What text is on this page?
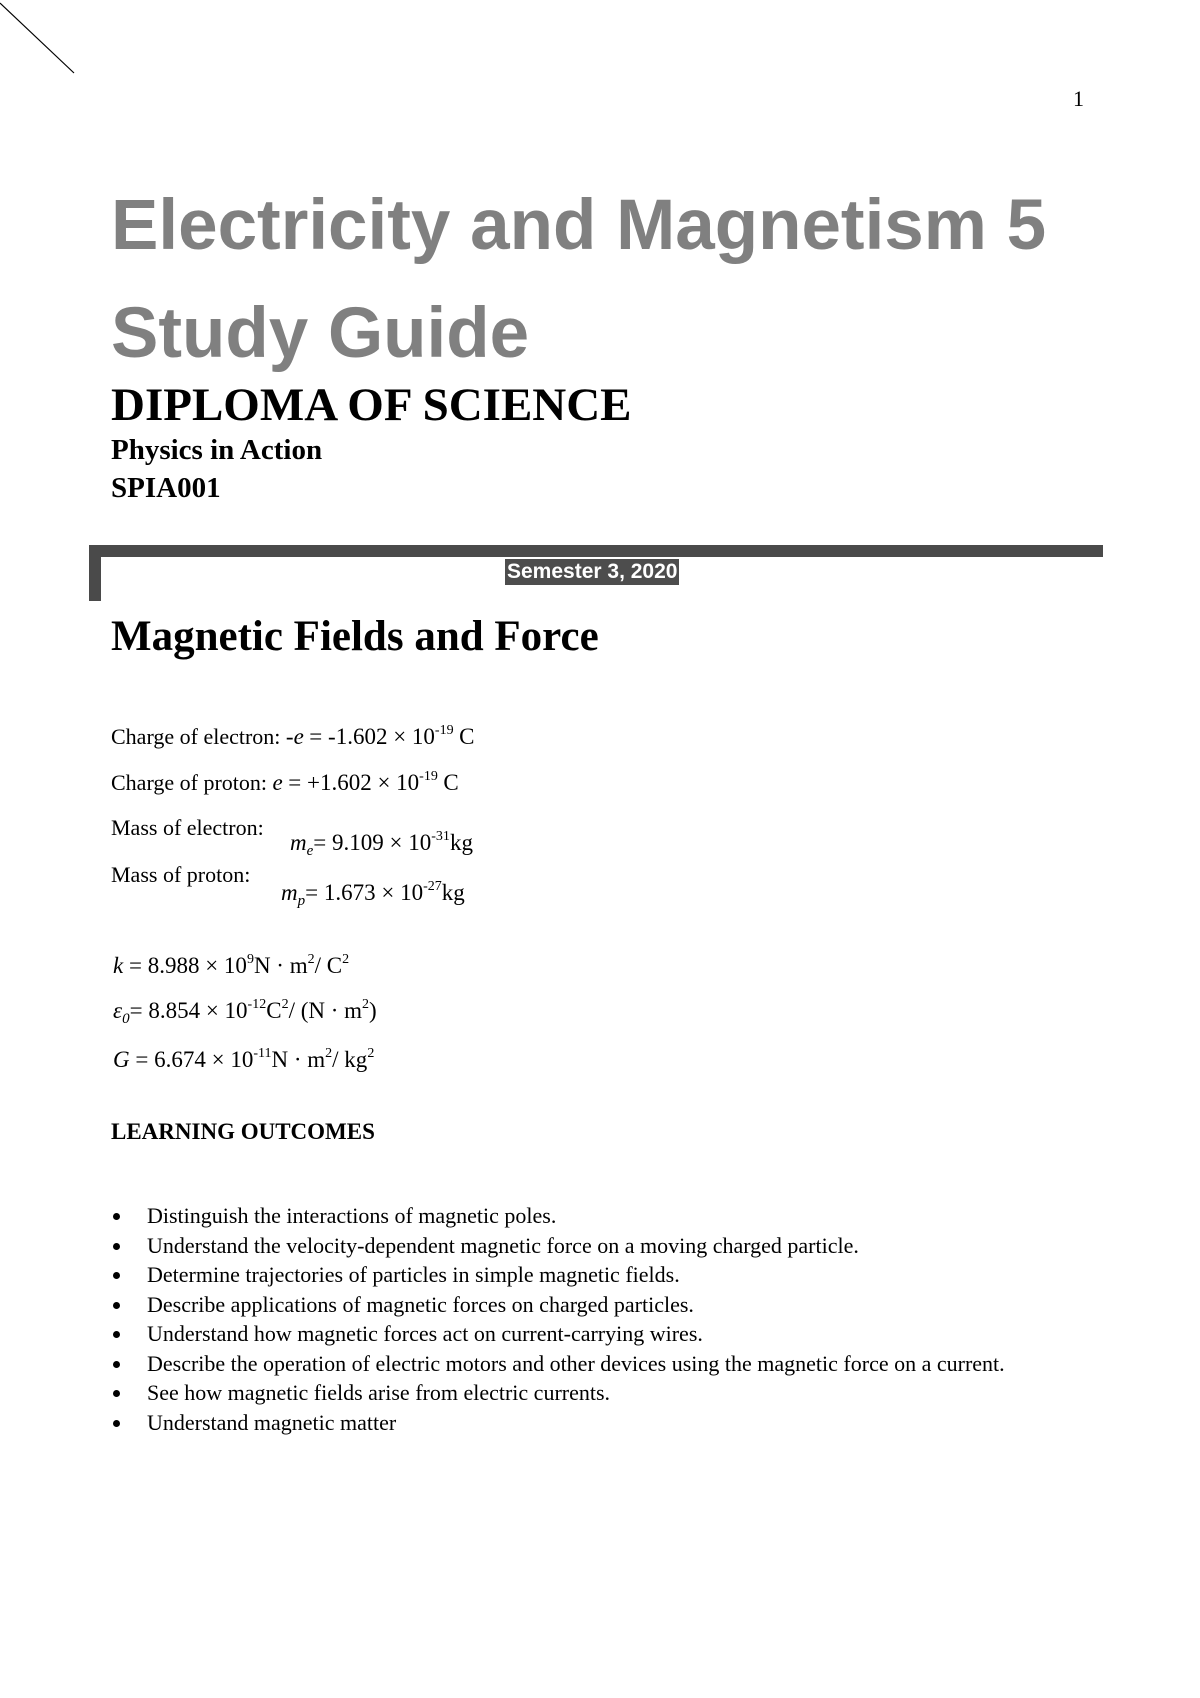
1
Electricity and Magnetism 5
Study Guide
DIPLOMA OF SCIENCE
Physics in Action
SPIA001
Semester 3, 2020
Magnetic Fields and Force
Charge of electron: $-e = -1.602 \times 10^{-19}$ C
Charge of proton: $e = +1.602 \times 10^{-19}$ C
Mass of electron:
$m_e= 9.109 \times 10^{-31}kg$
Mass of proton:
$m_p= 1.673 \times 10^{-27}kg$
$k = 8.988 \times 10^9N \cdot m^2/$ $C^2$
$\varepsilon_0= 8.854 \times 10^{-12}C^2/$ $(N \cdot m^2)$
$G = 6.674 \times 10^{-11}N \cdot m^2/$ $kg^2$
LEARNING OUTCOMES
Distinguish the interactions of magnetic poles.
Understand the velocity-dependent magnetic force on a moving charged particle.
Determine trajectories of particles in simple magnetic fields.
Describe applications of magnetic forces on charged particles.
Understand how magnetic forces act on current-carrying wires.
Describe the operation of electric motors and other devices using the magnetic force on a current.
See how magnetic fields arise from electric currents.
Understand magnetic matter
